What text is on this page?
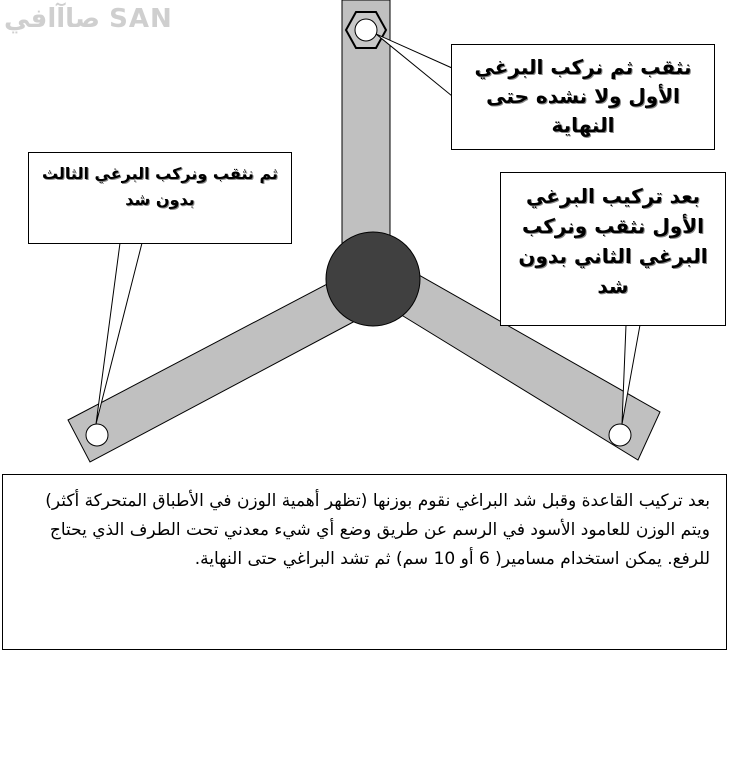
صاآافي SAN

نثقب ثم نركب البرغي الأول ولا نشده حتى النهاية

ثم نثقب ونركب البرغي الثالث بدون شد	بعد تركيب البرغي الأول نثقب ونركب البرغي الثاني بدون شد

بعد تركيب القاعدة وقبل شد البراغي نقوم بوزنها (تظهر أهمية الوزن في الأطباق المتحركة أكثر) ويتم الوزن للعامود الأسود في الرسم عن طريق وضع أي شيء معدني تحت الطرف الذي يحتاج للرفع. يمكن استخدام مسامير( 6 أو 10 سم) ثم تشد البراغي حتى النهاية.
